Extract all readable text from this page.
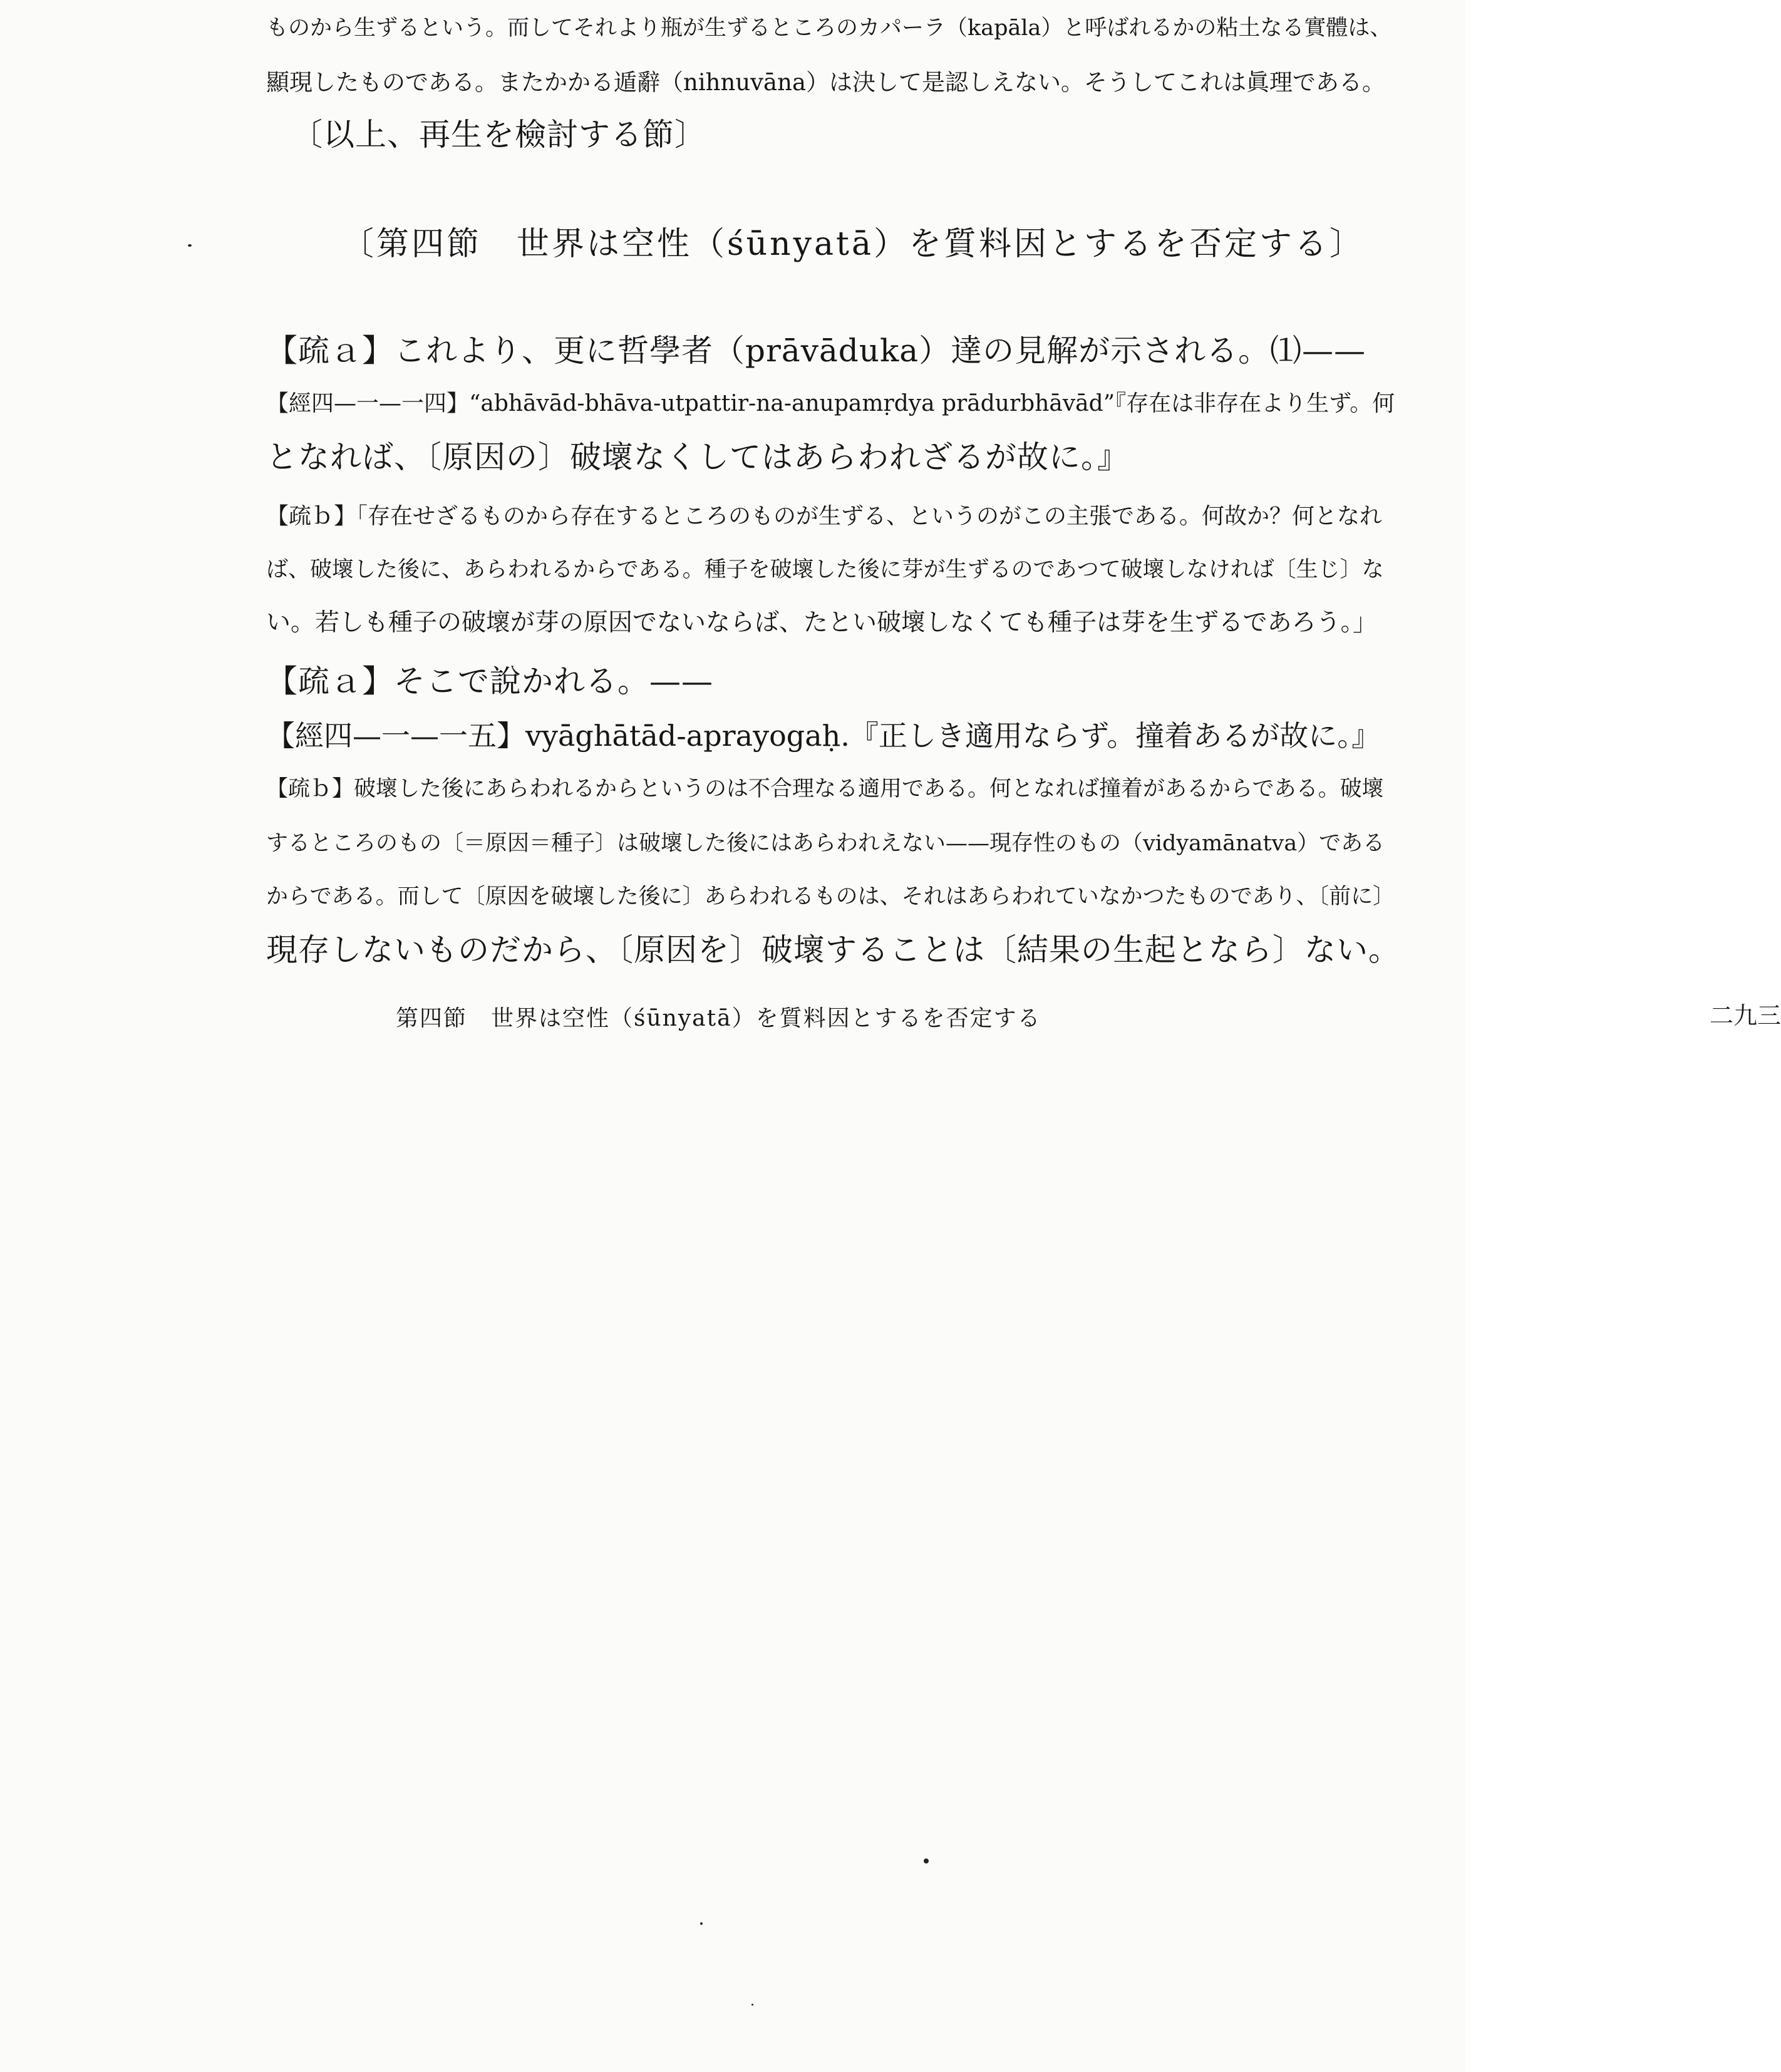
ものから生ずるという。而してそれより瓶が生ずるところのカパーラ（kapāla）と呼ばれるかの粘土なる實體は、
顯現したものである。またかかる遁辭（nihnuvāna）は決して是認しえない。そうしてこれは眞理である。
〔以上、再生を檢討する節〕
〔第四節　世界は空性（śūnyatā）を質料因とするを否定する〕
【疏ａ】これより、更に哲學者（prāvāduka）達の見解が示される。⑴——
【經四—一—一四】“abhāvād-bhāva-utpattir-na-anupamṛdya prādurbhāvād”『存在は非存在より生ず。何
となれば、〔原因の〕破壞なくしてはあらわれざるが故に。』
【疏ｂ】「存在せざるものから存在するところのものが生ずる、というのがこの主張である。何故か？何となれ
ば、破壞した後に、あらわれるからである。種子を破壞した後に芽が生ずるのであつて破壞しなければ〔生じ〕な
い。若しも種子の破壞が芽の原因でないならば、たとい破壞しなくても種子は芽を生ずるであろう。」
【疏ａ】そこで說かれる。——
【經四—一—一五】vyāghātād-aprayogaḥ.『正しき適用ならず。撞着あるが故に。』
【疏ｂ】破壞した後にあらわれるからというのは不合理なる適用である。何となれば撞着があるからである。破壞
するところのもの〔＝原因＝種子〕は破壞した後にはあらわれえない——現存性のもの（vidyamānatva）である
からである。而して〔原因を破壞した後に〕あらわれるものは、それはあらわれていなかつたものであり、〔前に〕
現存しないものだから、〔原因を〕破壞することは〔結果の生起となら〕ない。
第四節　世界は空性（śūnyatā）を質料因とするを否定する	二九三
